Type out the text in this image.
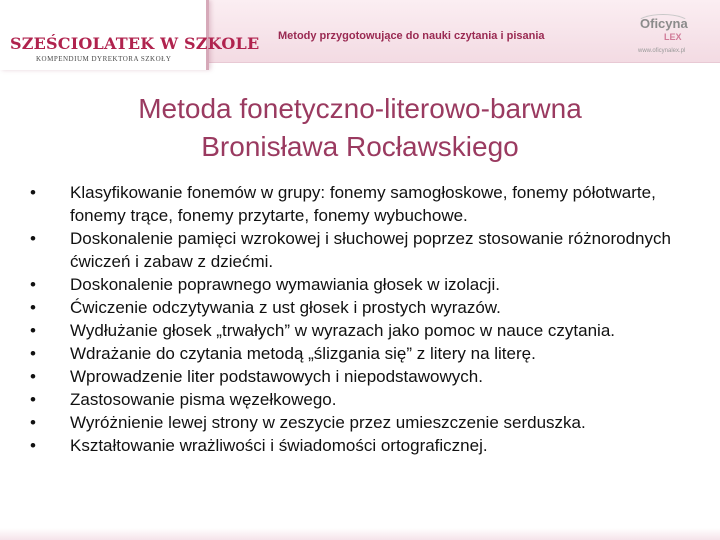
SZEŚCIOLATEK W SZKOLE
KOMPENDIUM DYREKTORA SZKOŁY
Metody przygotowujące do nauki czytania i pisania
Oficyna
LEX
www.oficynalex.pl
Metoda fonetyczno-literowo-barwna
Bronisława Rocławskiego
• Klasyfikowanie fonemów w grupy: fonemy samogłoskowe, fonemy półotwarte, fonemy trące, fonemy przytarte, fonemy wybuchowe.
• Doskonalenie pamięci wzrokowej i słuchowej poprzez stosowanie różnorodnych ćwiczeń i zabaw z dziećmi.
• Doskonalenie poprawnego wymawiania głosek w izolacji.
• Ćwiczenie odczytywania z ust głosek i prostych wyrazów.
• Wydłużanie głosek „trwałych” w wyrazach jako pomoc w nauce czytania.
• Wdrażanie do czytania metodą „ślizgania się” z litery na literę.
• Wprowadzenie liter podstawowych i niepodstawowych.
• Zastosowanie pisma węzełkowego.
• Wyróżnienie lewej strony w zeszycie przez umieszczenie serduszka.
• Kształtowanie wrażliwości i świadomości ortograficznej.
